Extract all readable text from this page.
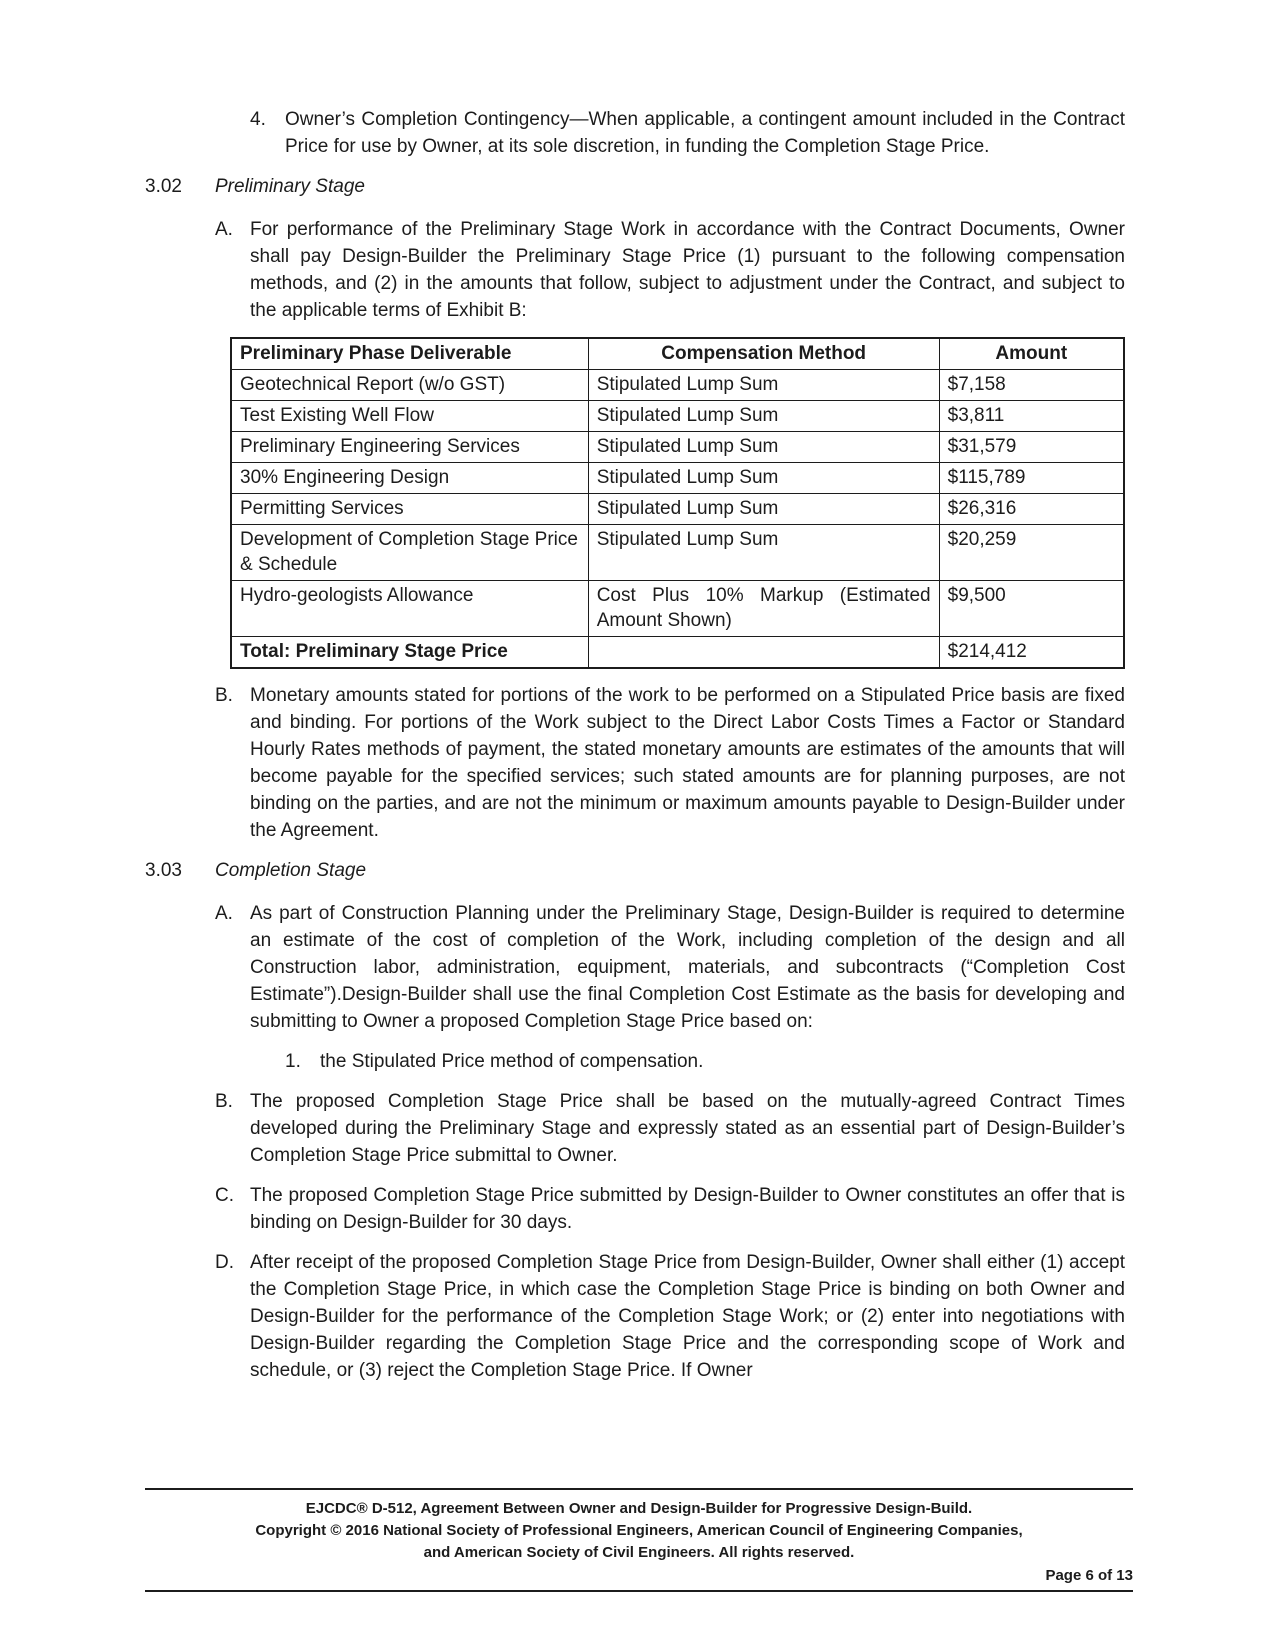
4.	Owner’s Completion Contingency—When applicable, a contingent amount included in the Contract Price for use by Owner, at its sole discretion, in funding the Completion Stage Price.

3.02	Preliminary Stage
A. For performance of the Preliminary Stage Work in accordance with the Contract Documents, Owner shall pay Design-Builder the Preliminary Stage Price (1) pursuant to the following compensation methods, and (2) in the amounts that follow, subject to adjustment under the Contract, and subject to the applicable terms of Exhibit B:

Preliminary Phase Deliverable	Compensation Method	Amount
Geotechnical Report (w/o GST)	Stipulated Lump Sum	$7,158
Test Existing Well Flow	Stipulated Lump Sum	$3,811
Preliminary Engineering Services	Stipulated Lump Sum	$31,579
30% Engineering Design	Stipulated Lump Sum	$115,789
Permitting Services	Stipulated Lump Sum	$26,316
Development of Completion Stage Price & Schedule	Stipulated Lump Sum	$20,259
Hydro-geologists Allowance	Cost Plus 10% Markup (Estimated Amount Shown)	$9,500
Total: Preliminary Stage Price		$214,412
B. Monetary amounts stated for portions of the work to be performed on a Stipulated Price basis are fixed and binding. For portions of the Work subject to the Direct Labor Costs Times a Factor or Standard Hourly Rates methods of payment, the stated monetary amounts are estimates of the amounts that will become payable for the specified services; such stated amounts are for planning purposes, are not binding on the parties, and are not the minimum or maximum amounts payable to Design-Builder under the Agreement.

3.03	Completion Stage
A. As part of Construction Planning under the Preliminary Stage, Design-Builder is required to determine an estimate of the cost of completion of the Work, including completion of the design and all Construction labor, administration, equipment, materials, and subcontracts (“Completion Cost Estimate”).Design-Builder shall use the final Completion Cost Estimate as the basis for developing and submitting to Owner a proposed Completion Stage Price based on:

1.	the Stipulated Price method of compensation.

B. The proposed Completion Stage Price shall be based on the mutually-agreed Contract Times developed during the Preliminary Stage and expressly stated as an essential part of Design-Builder’s Completion Stage Price submittal to Owner.

C. The proposed Completion Stage Price submitted by Design-Builder to Owner constitutes an offer that is binding on Design-Builder for 30 days.

D. After receipt of the proposed Completion Stage Price from Design-Builder, Owner shall either (1) accept the Completion Stage Price, in which case the Completion Stage Price is binding on both Owner and Design-Builder for the performance of the Completion Stage Work; or (2) enter into negotiations with Design-Builder regarding the Completion Stage Price and the corresponding scope of Work and schedule, or (3) reject the Completion Stage Price. If Owner

EJCDC® D-512, Agreement Between Owner and Design-Builder for Progressive Design-Build.
Copyright © 2016 National Society of Professional Engineers, American Council of Engineering Companies,
and American Society of Civil Engineers. All rights reserved.
Page 6 of 13
